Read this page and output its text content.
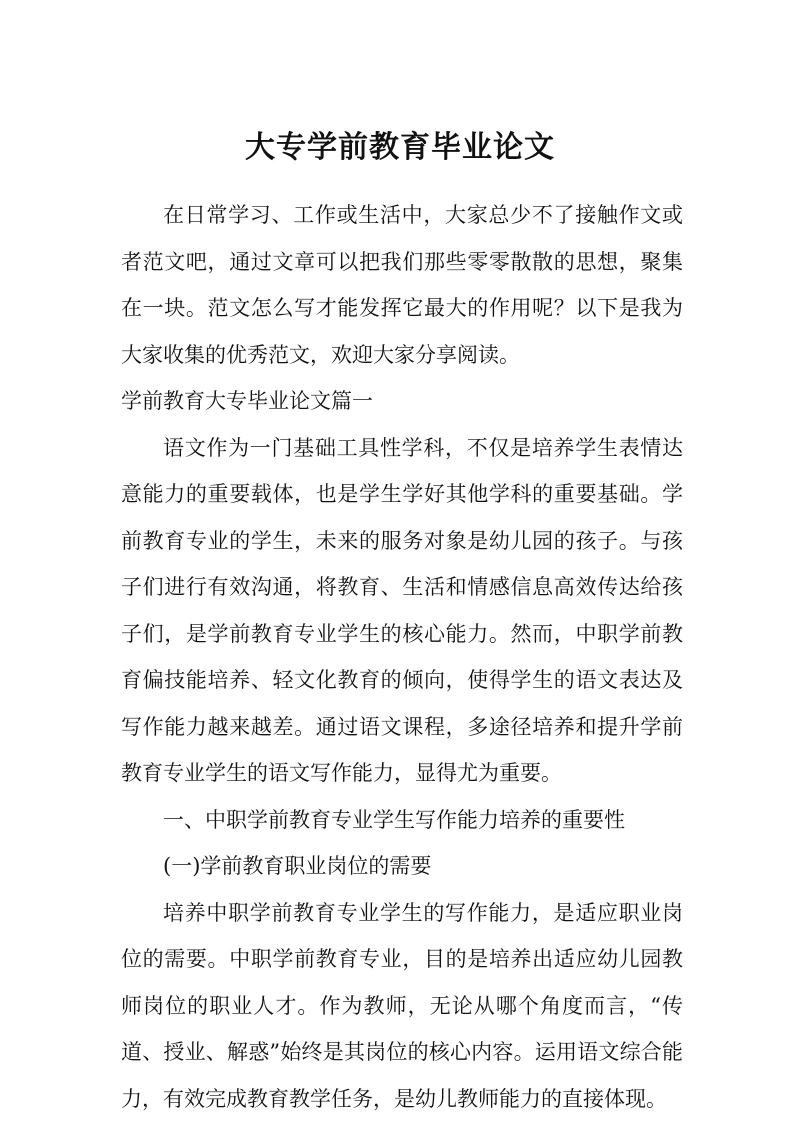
大专学前教育毕业论文

在日常学习、工作或生活中，大家总少不了接触作文或者范文吧，通过文章可以把我们那些零零散散的思想，聚集在一块。范文怎么写才能发挥它最大的作用呢？以下是我为大家收集的优秀范文，欢迎大家分享阅读。

学前教育大专毕业论文篇一

语文作为一门基础工具性学科，不仅是培养学生表情达意能力的重要载体，也是学生学好其他学科的重要基础。学前教育专业的学生，未来的服务对象是幼儿园的孩子。与孩子们进行有效沟通，将教育、生活和情感信息高效传达给孩子们，是学前教育专业学生的核心能力。然而，中职学前教育偏技能培养、轻文化教育的倾向，使得学生的语文表达及写作能力越来越差。通过语文课程，多途径培养和提升学前教育专业学生的语文写作能力，显得尤为重要。

一、中职学前教育专业学生写作能力培养的重要性

(一)学前教育职业岗位的需要

培养中职学前教育专业学生的写作能力，是适应职业岗位的需要。中职学前教育专业，目的是培养出适应幼儿园教师岗位的职业人才。作为教师，无论从哪个角度而言，“传道、授业、解惑”始终是其岗位的核心内容。运用语文综合能力，有效完成教育教学任务，是幼儿教师能力的直接体现。
